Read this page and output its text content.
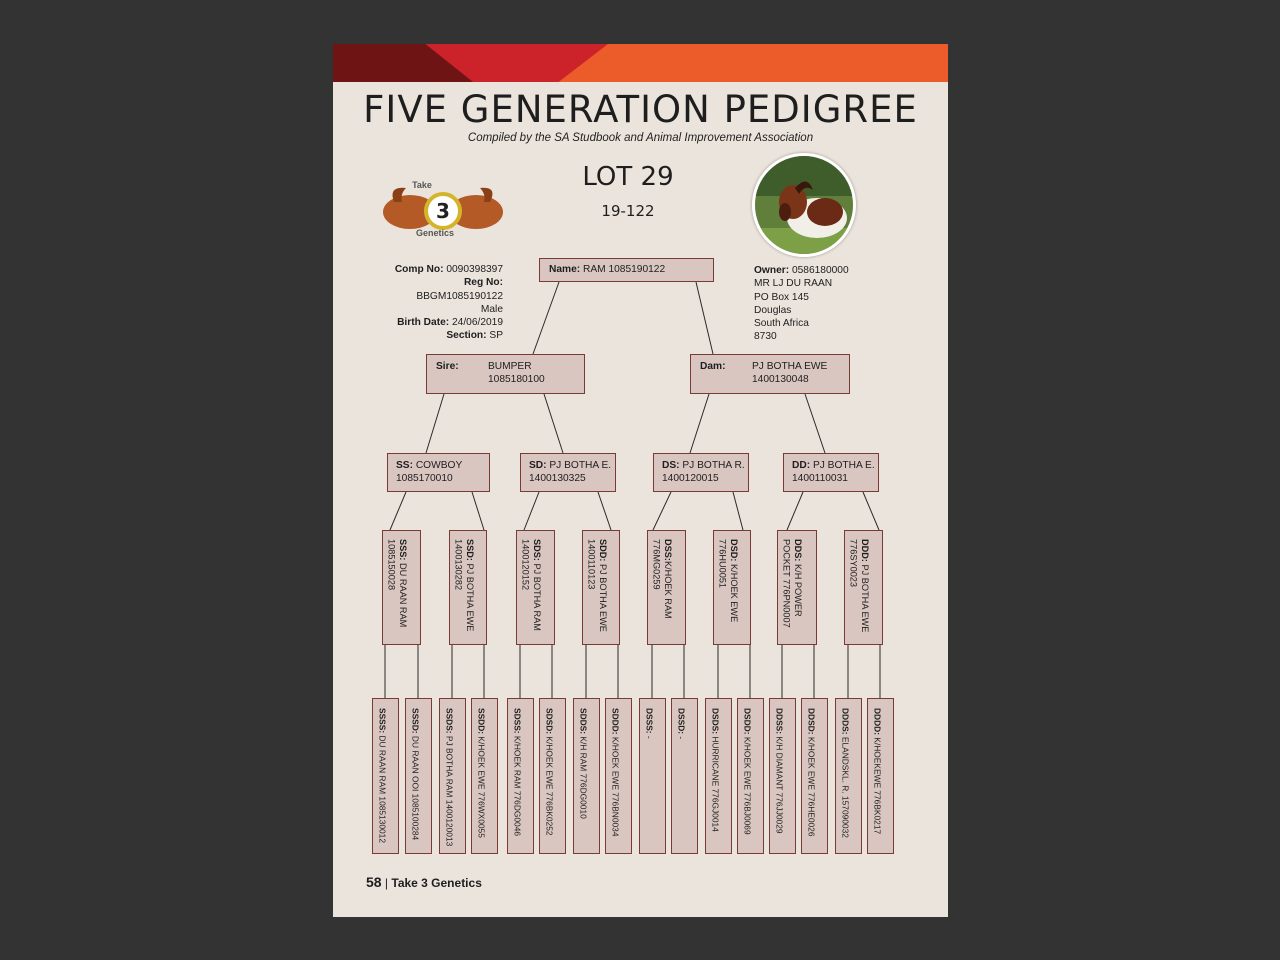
FIVE GENERATION PEDIGREE
Compiled by the SA Studbook and Animal Improvement Association
3
Take
Genetics
LOT 29
19-122
Comp No: 0090398397
Reg No:
BBGM1085190122
Male
Birth Date: 24/06/2019
Section: SP
Owner: 0586180000
MR LJ DU RAAN
PO Box 145
Douglas
South Africa
8730
Name: RAM 1085190122
Sire:	BUMPER
1085180100
Dam:	PJ BOTHA EWE
1400130048
SS: COWBOY
1085170010
SD: PJ BOTHA E.
1400130325
DS: PJ BOTHA R.
1400120015
DD: PJ BOTHA E.
1400110031
SSS: DU RAAN RAM
1085150028	SSD: PJ BOTHA EWE
1400130282	SDS: PJ BOTHA RAM
1400120152	SDD: PJ BOTHA EWE
1400110123	DSS:K/HOEK RAM
776MG0259	DSD: K/HOEK EWE
776HU0051	DDS: K/H POWER
POCKET 776PN0007	DDD: PJ BOTHA EWE
776SY0023
SSSS: DU RAAN RAM 1085130012
SSSD: DU RAAN OOI 1085100284
SSDS: PJ BOTHA RAM 1400120013
SSDD: K/HOEK EWE 776WX0055
SDSS: K/HOEK RAM 776DG0046
SDSD: K/HOEK EWE 776BK0252
SDDS: K/H RAM 776DG0010
SDDD: K/HOEK EWE 776BN0034
DSSS: -
DSSD: -
DSDS: HURRICANE 776GJ0014
DSDD: K/HOEK EWE 776BJ0069
DDSS: K/H DIAMANT 776JJ0029
DDSD: K/HOEK EWE 776HE0026
DDDS: ELANDSKL. R. 157090032
DDDD: K/HOEKEWE 776BK0217
58 | Take 3 Genetics
